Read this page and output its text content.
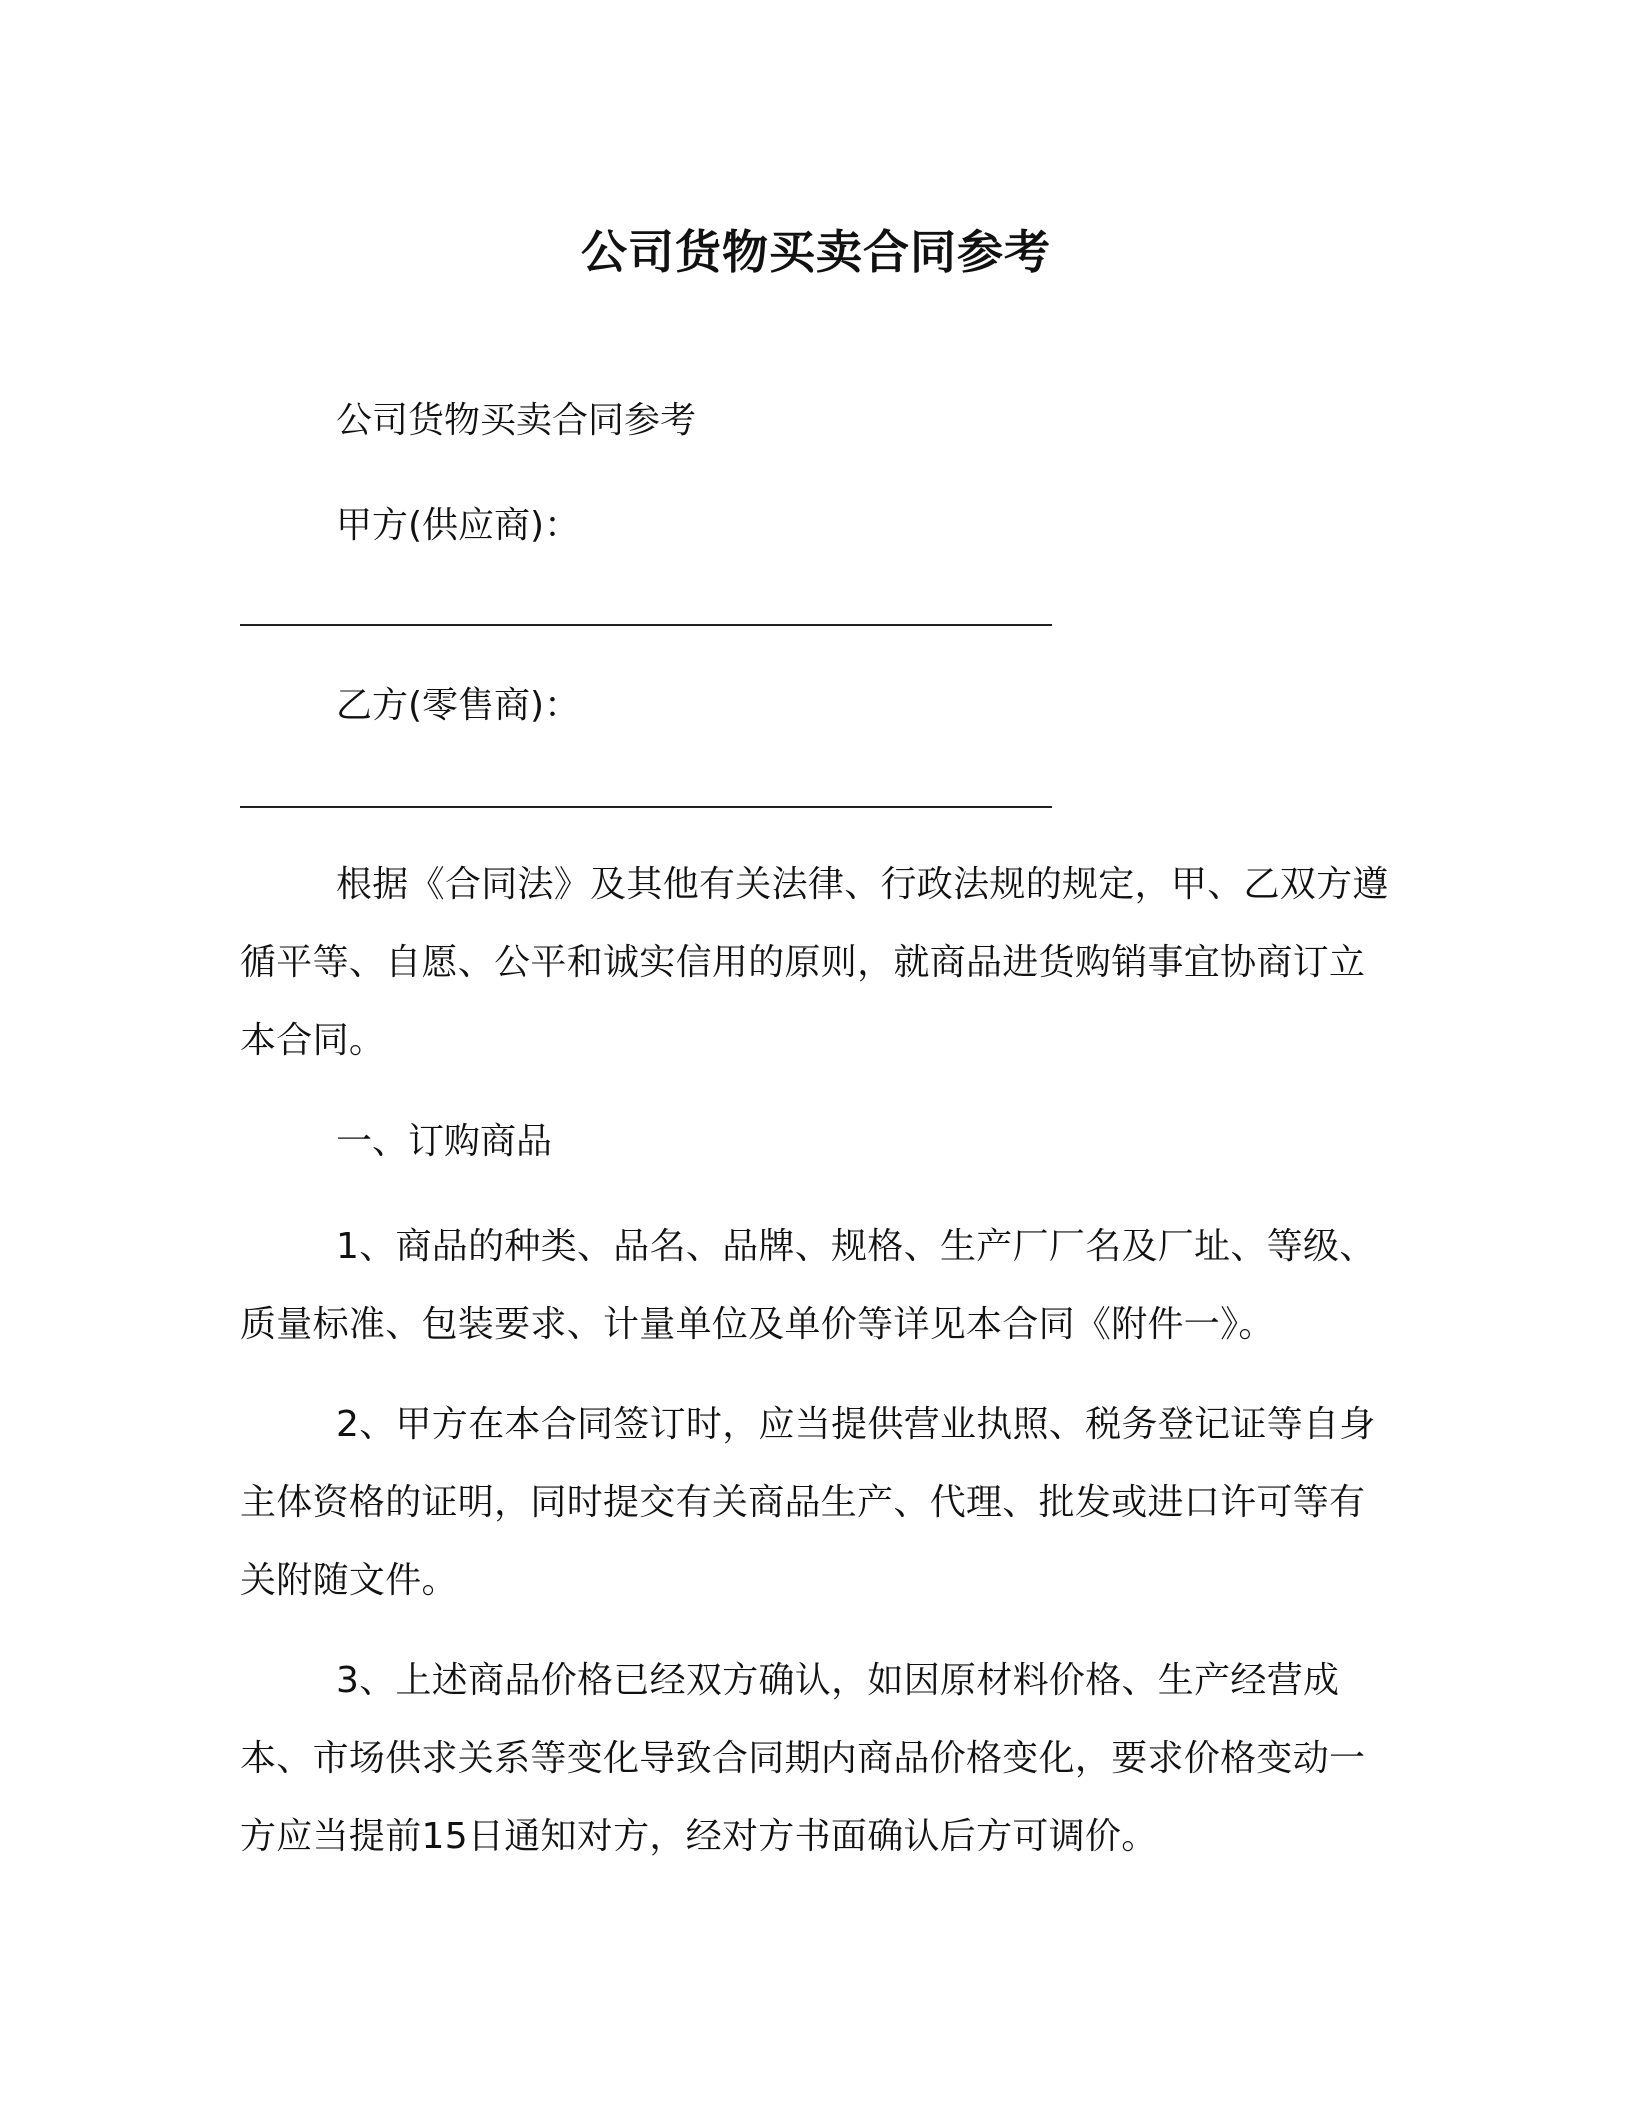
公司货物买卖合同参考
公司货物买卖合同参考
甲方(供应商)：
乙方(零售商)：
根据《合同法》及其他有关法律、行政法规的规定，甲、乙双方遵循平等、自愿、公平和诚实信用的原则，就商品进货购销事宜协商订立本合同。
一、订购商品
1、商品的种类、品名、品牌、规格、生产厂厂名及厂址、等级、质量标准、包装要求、计量单位及单价等详见本合同《附件一》。
2、甲方在本合同签订时，应当提供营业执照、税务登记证等自身主体资格的证明，同时提交有关商品生产、代理、批发或进口许可等有关附随文件。
3、上述商品价格已经双方确认，如因原材料价格、生产经营成本、市场供求关系等变化导致合同期内商品价格变化，要求价格变动一方应当提前15日通知对方，经对方书面确认后方可调价。
